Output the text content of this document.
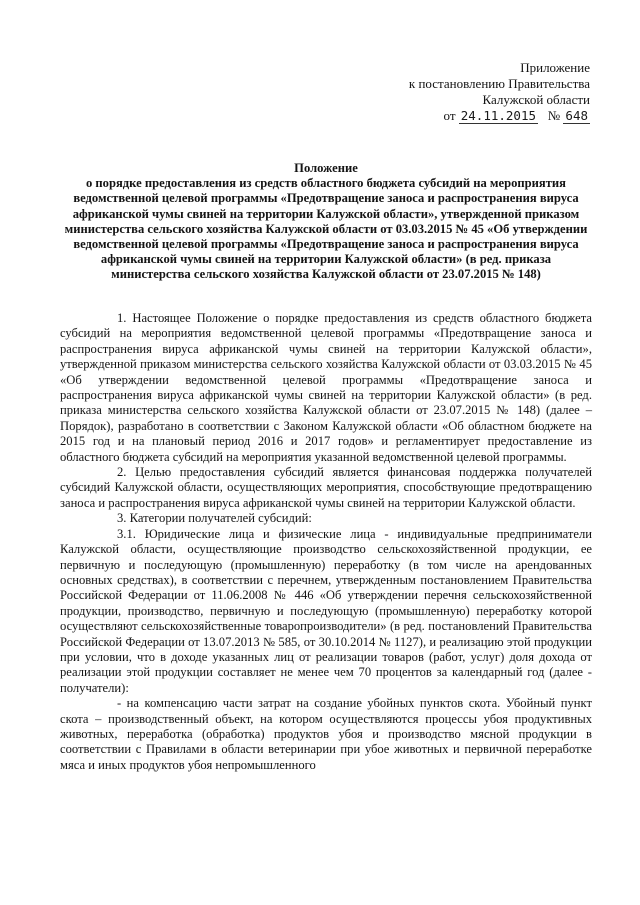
Приложение
к постановлению Правительства
Калужской области
от 24.11.2015 № 648

Положение

о порядке предоставления из средств областного бюджета субсидий на мероприятия ведомственной целевой программы «Предотвращение заноса и распространения вируса африканской чумы свиней на территории Калужской области», утвержденной приказом министерства сельского хозяйства Калужской области от 03.03.2015 № 45 «Об утверждении ведомственной целевой программы «Предотвращение заноса и распространения вируса африканской чумы свиней на территории Калужской области» (в ред. приказа министерства сельского хозяйства Калужской области от 23.07.2015 № 148)

1. Настоящее Положение о порядке предоставления из средств областного бюджета субсидий на мероприятия ведомственной целевой программы «Предотвращение заноса и распространения вируса африканской чумы свиней на территории Калужской области», утвержденной приказом министерства сельского хозяйства Калужской области от 03.03.2015 № 45 «Об утверждении ведомственной целевой программы «Предотвращение заноса и распространения вируса африканской чумы свиней на территории Калужской области» (в ред. приказа министерства сельского хозяйства Калужской области от 23.07.2015 № 148) (далее – Порядок), разработано в соответствии с Законом Калужской области «Об областном бюджете на 2015 год и на плановый период 2016 и 2017 годов» и регламентирует предоставление из областного бюджета субсидий на мероприятия указанной ведомственной целевой программы.

2. Целью предоставления субсидий является финансовая поддержка получателей субсидий Калужской области, осуществляющих мероприятия, способствующие предотвращению заноса и распространения вируса африканской чумы свиней на территории Калужской области.

3. Категории получателей субсидий:

3.1. Юридические лица и физические лица - индивидуальные предприниматели Калужской области, осуществляющие производство сельскохозяйственной продукции, ее первичную и последующую (промышленную) переработку (в том числе на арендованных основных средствах), в соответствии с перечнем, утвержденным постановлением Правительства Российской Федерации от 11.06.2008 № 446 «Об утверждении перечня сельскохозяйственной продукции, производство, первичную и последующую (промышленную) переработку которой осуществляют сельскохозяйственные товаропроизводители» (в ред. постановлений Правительства Российской Федерации от 13.07.2013 № 585, от 30.10.2014 № 1127), и реализацию этой продукции при условии, что в доходе указанных лиц от реализации товаров (работ, услуг) доля дохода от реализации этой продукции составляет не менее чем 70 процентов за календарный год (далее - получатели):

- на компенсацию части затрат на создание убойных пунктов скота. Убойный пункт скота – производственный объект, на котором осуществляются процессы убоя продуктивных животных, переработка (обработка) продуктов убоя и производство мясной продукции в соответствии с Правилами в области ветеринарии при убое животных и первичной переработке мяса и иных продуктов убоя непромышленного
